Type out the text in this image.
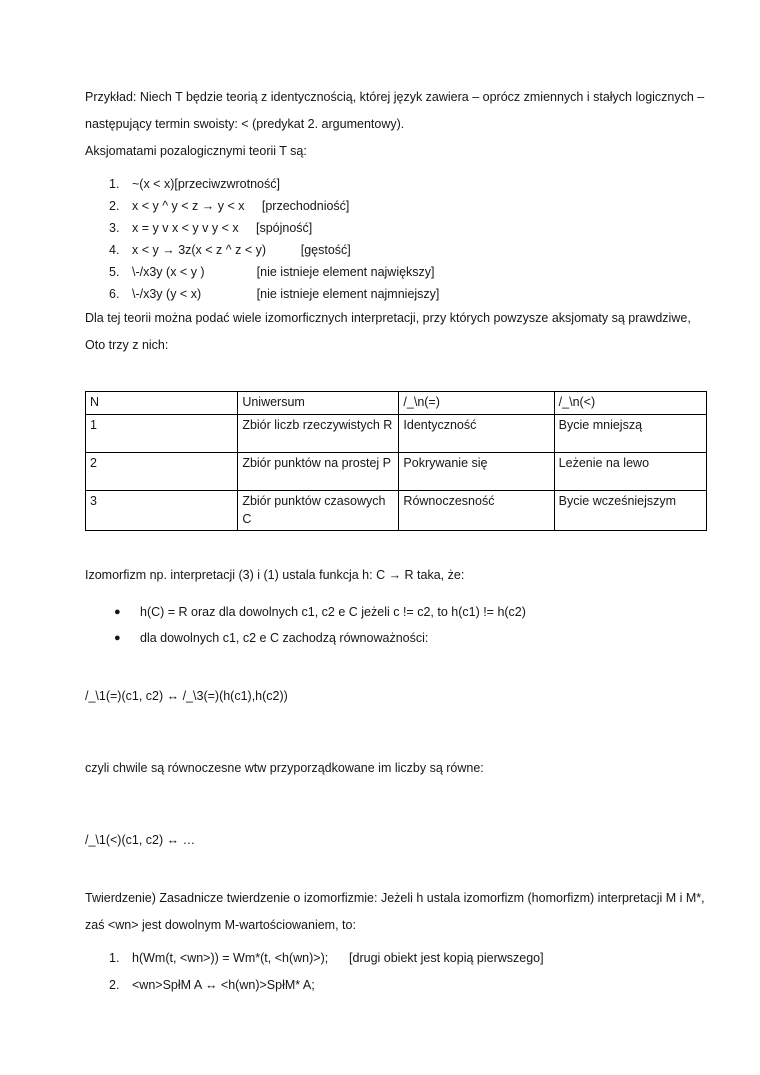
Przykład: Niech T będzie teorią z identycznością, której język zawiera – oprócz zmiennych i stałych logicznych – następujący termin swoisty: < (predykat 2. argumentowy).

Aksjomatami pozalogicznymi teorii T są:

1.	~(x < x)[przeciwzwrotność]
2.	x < y ^ y < z → y < x     [przechodniość]
3.	x = y v x < y v y < x     [spójność]
4.	x < y → 3z(x < z ^ z < y)          [gęstość]
5.	\-/x3y (x < y )               [nie istnieje element największy]
6.	\-/x3y (y < x)                [nie istnieje element najmniejszy]

Dla tej teorii można podać wiele izomorficznych interpretacji, przy których powzysze aksjomaty są prawdziwe, Oto trzy z nich:

N	Uniwersum	/_\n(=)	/_\n(<)
1	Zbiór liczb rzeczywistych R	Identyczność	Bycie mniejszą
2	Zbiór punktów na prostej P	Pokrywanie się	Leżenie na lewo
3	Zbiór punktów czasowych C	Równoczesność	Bycie wcześniejszym

Izomorfizm np. interpretacji (3) i (1) ustala funkcja h: C → R taka, że:

●	h(C) = R oraz dla dowolnych c1, c2 e C jeżeli c != c2, to h(c1) != h(c2)
●	dla dowolnych c1, c2 e C zachodzą równoważności:

/_\1(=)(c1, c2) ↔ /_\3(=)(h(c1),h(c2))

czyli chwile są równoczesne wtw przyporządkowane im liczby są równe:

/_\1(<)(c1, c2) ↔ …

Twierdzenie) Zasadnicze twierdzenie o izomorfizmie: Jeżeli h ustala izomorfizm (homorfizm) interpretacji M i M*, zaś <wn> jest dowolnym M-wartościowaniem, to:

1.	h(Wm(t, <wn>)) = Wm*(t, <h(wn)>);      [drugi obiekt jest kopią pierwszego]
2.	<wn>SpłM A ↔ <h(wn)>SpłM* A;
